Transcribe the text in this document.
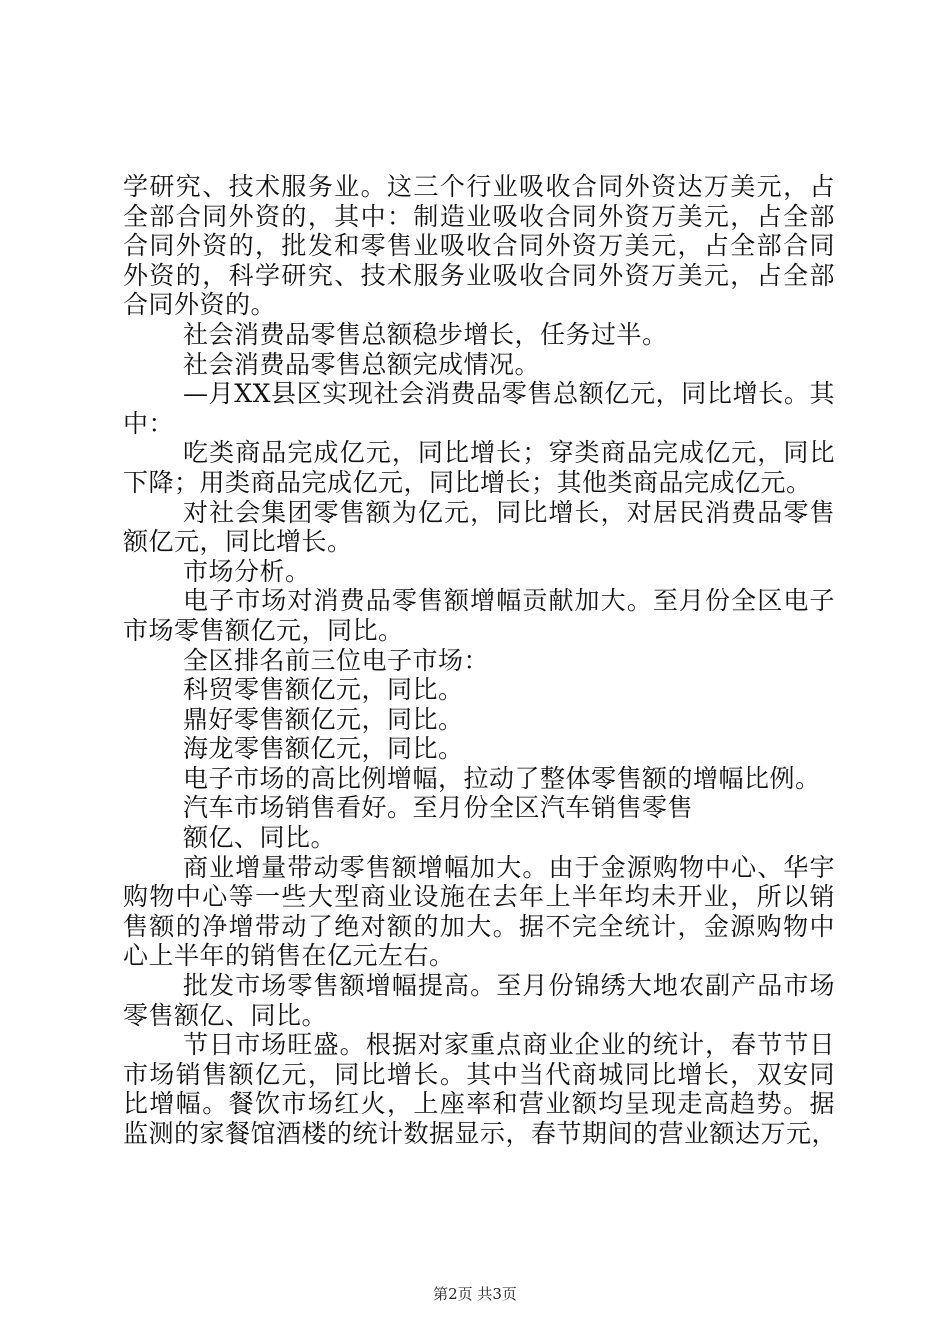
学研究、技术服务业。这三个行业吸收合同外资达万美元，占
全部合同外资的，其中：制造业吸收合同外资万美元，占全部
合同外资的，批发和零售业吸收合同外资万美元，占全部合同
外资的，科学研究、技术服务业吸收合同外资万美元，占全部
合同外资的。
社会消费品零售总额稳步增长，任务过半。
社会消费品零售总额完成情况。
—月XX县区实现社会消费品零售总额亿元，同比增长。其
中：
吃类商品完成亿元，同比增长；穿类商品完成亿元，同比
下降；用类商品完成亿元，同比增长；其他类商品完成亿元。
对社会集团零售额为亿元，同比增长，对居民消费品零售
额亿元，同比增长。
市场分析。
电子市场对消费品零售额增幅贡献加大。至月份全区电子
市场零售额亿元，同比。
全区排名前三位电子市场：
科贸零售额亿元，同比。
鼎好零售额亿元，同比。
海龙零售额亿元，同比。
电子市场的高比例增幅，拉动了整体零售额的增幅比例。
汽车市场销售看好。至月份全区汽车销售零售
额亿、同比。
商业增量带动零售额增幅加大。由于金源购物中心、华宇
购物中心等一些大型商业设施在去年上半年均未开业，所以销
售额的净增带动了绝对额的加大。据不完全统计，金源购物中
心上半年的销售在亿元左右。
批发市场零售额增幅提高。至月份锦绣大地农副产品市场
零售额亿、同比。
节日市场旺盛。根据对家重点商业企业的统计，春节节日
市场销售额亿元，同比增长。其中当代商城同比增长，双安同
比增幅。餐饮市场红火，上座率和营业额均呈现走高趋势。据
监测的家餐馆酒楼的统计数据显示，春节期间的营业额达万元，
第2页 共3页
